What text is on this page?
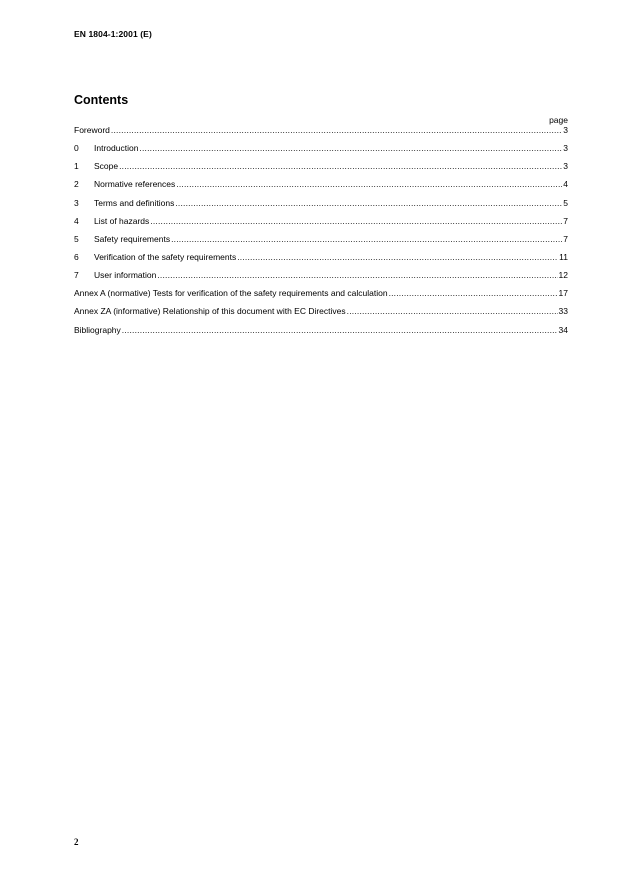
EN 1804-1:2001 (E)
Contents
page
Foreword .....	3
0	Introduction .....	3
1	Scope .....	3
2	Normative references .....	4
3	Terms and definitions .....	5
4	List of hazards .....	7
5	Safety requirements .....	7
6	Verification of the safety requirements .....	11
7	User information .....	12
Annex A (normative) Tests for verification of the safety requirements and calculation .....	17
Annex ZA (informative) Relationship of this document with EC Directives .....	33
Bibliography .....	34
2
